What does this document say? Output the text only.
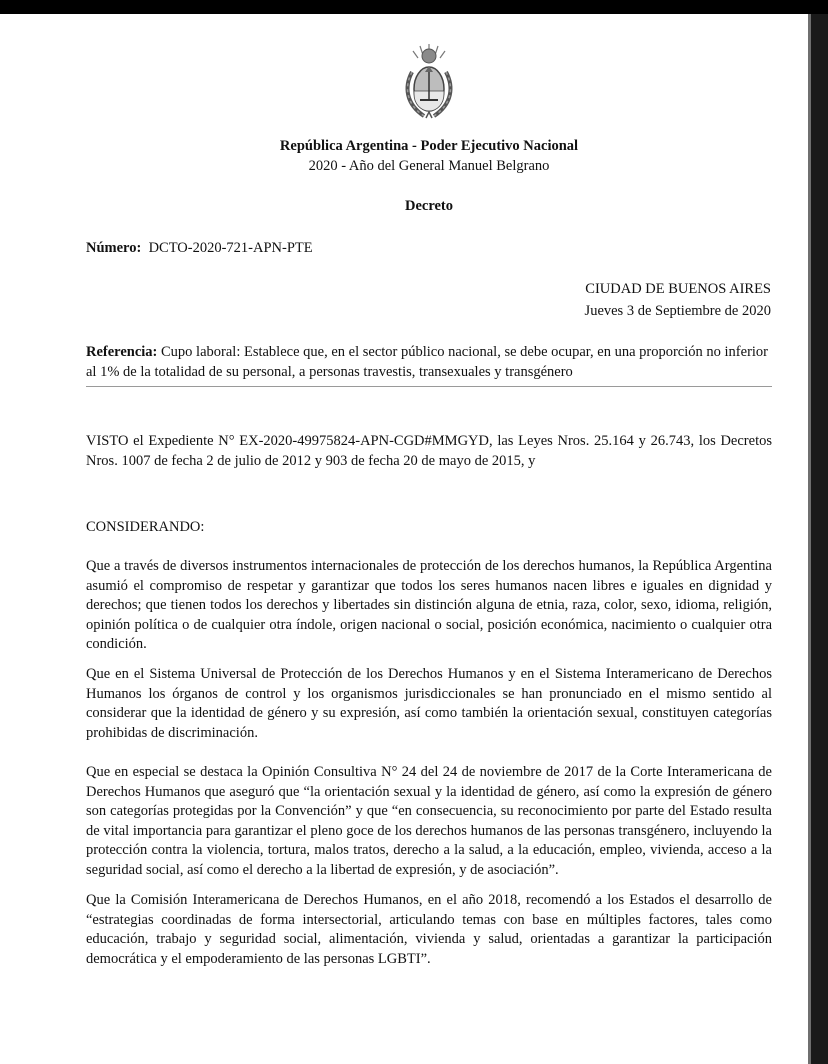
República Argentina - Poder Ejecutivo Nacional
2020 - Año del General Manuel Belgrano
Decreto
Número: DCTO-2020-721-APN-PTE
CIUDAD DE BUENOS AIRES
Jueves 3 de Septiembre de 2020
Referencia: Cupo laboral: Establece que, en el sector público nacional, se debe ocupar, en una proporción no inferior al 1% de la totalidad de su personal, a personas travestis, transexuales y transgénero

VISTO el Expediente N° EX-2020-49975824-APN-CGD#MMGYD, las Leyes Nros. 25.164 y 26.743, los Decretos Nros. 1007 de fecha 2 de julio de 2012 y 903 de fecha 20 de mayo de 2015, y

CONSIDERANDO:

Que a través de diversos instrumentos internacionales de protección de los derechos humanos, la República Argentina asumió el compromiso de respetar y garantizar que todos los seres humanos nacen libres e iguales en dignidad y derechos; que tienen todos los derechos y libertades sin distinción alguna de etnia, raza, color, sexo, idioma, religión, opinión política o de cualquier otra índole, origen nacional o social, posición económica, nacimiento o cualquier otra condición.

Que en el Sistema Universal de Protección de los Derechos Humanos y en el Sistema Interamericano de Derechos Humanos los órganos de control y los organismos jurisdiccionales se han pronunciado en el mismo sentido al considerar que la identidad de género y su expresión, así como también la orientación sexual, constituyen categorías prohibidas de discriminación.

Que en especial se destaca la Opinión Consultiva N° 24 del 24 de noviembre de 2017 de la Corte Interamericana de Derechos Humanos que aseguró que “la orientación sexual y la identidad de género, así como la expresión de género son categorías protegidas por la Convención” y que “en consecuencia, su reconocimiento por parte del Estado resulta de vital importancia para garantizar el pleno goce de los derechos humanos de las personas transgénero, incluyendo la protección contra la violencia, tortura, malos tratos, derecho a la salud, a la educación, empleo, vivienda, acceso a la seguridad social, así como el derecho a la libertad de expresión, y de asociación”.

Que la Comisión Interamericana de Derechos Humanos, en el año 2018, recomendó a los Estados el desarrollo de “estrategias coordinadas de forma intersectorial, articulando temas con base en múltiples factores, tales como educación, trabajo y seguridad social, alimentación, vivienda y salud, orientadas a garantizar la participación democrática y el empoderamiento de las personas LGBTI”.
